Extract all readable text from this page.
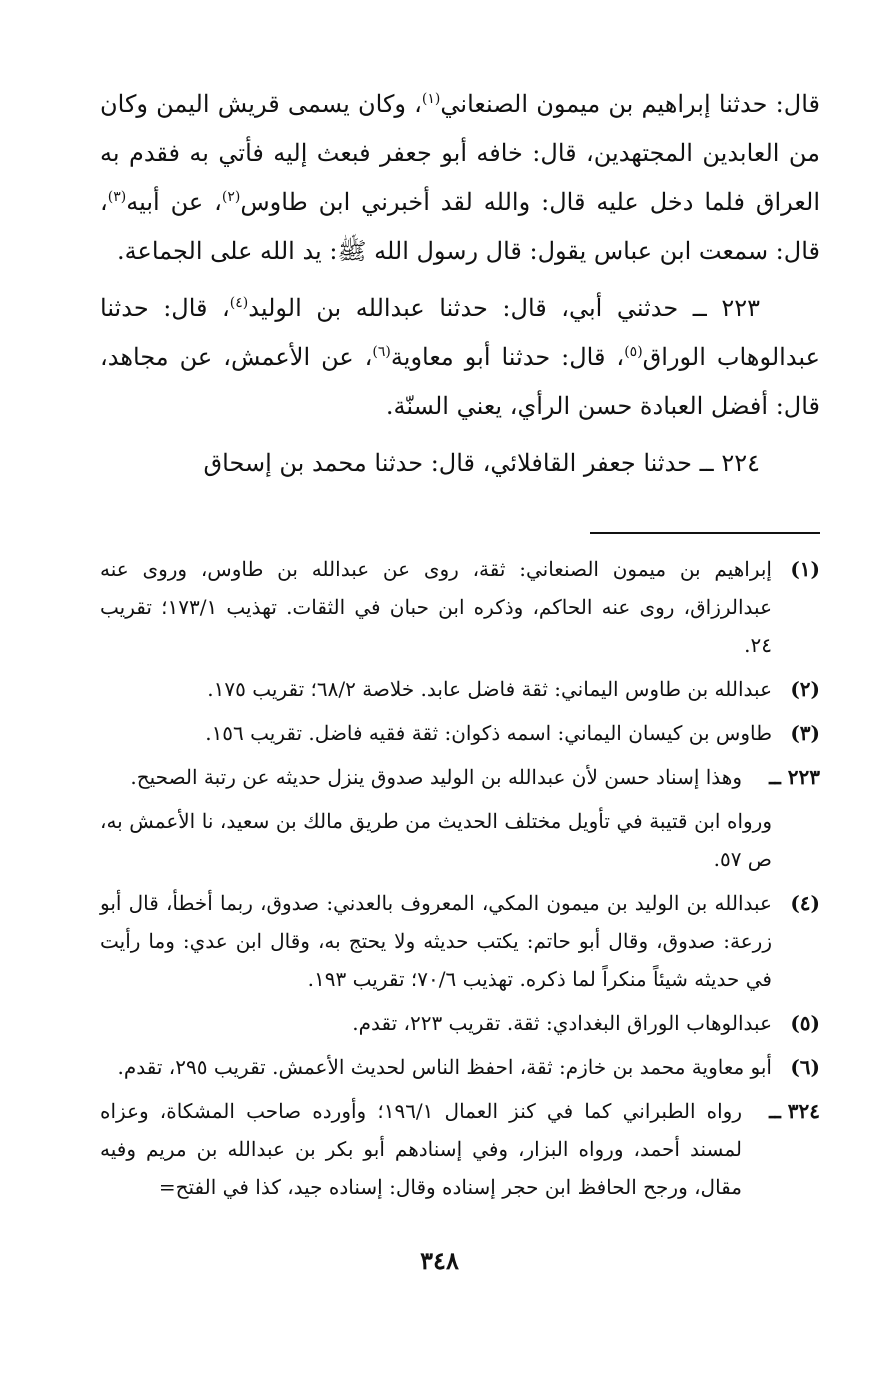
قال: حدثنا إبراهيم بن ميمون الصنعاني$^{(١)}$، وكان يسمى قريش اليمن وكان من العابدين المجتهدين، قال: خافه أبو جعفر فبعث إليه فأتي به فقدم به العراق فلما دخل عليه قال: والله لقد أخبرني ابن طاوس$^{(٢)}$، عن أبيه$^{(٣)}$، قال: سمعت ابن عباس يقول: قال رسول الله ﷺ: يد الله على الجماعة.

٢٢٣ ــ حدثني أبي، قال: حدثنا عبدالله بن الوليد$^{(٤)}$، قال: حدثنا عبدالوهاب الوراق$^{(٥)}$، قال: حدثنا أبو معاوية$^{(٦)}$، عن الأعمش، عن مجاهد، قال: أفضل العبادة حسن الرأي، يعني السنّة.

٢٢٤ ــ حدثنا جعفر القافلائي، قال: حدثنا محمد بن إسحاق

(١)
إبراهيم بن ميمون الصنعاني: ثقة، روى عن عبدالله بن طاوس، وروى عنه عبدالرزاق، روى عنه الحاكم، وذكره ابن حبان في الثقات. تهذيب ١٧٣/١؛ تقريب ٢٤.
(٢)
عبدالله بن طاوس اليماني: ثقة فاضل عابد. خلاصة ٦٨/٢؛ تقريب ١٧٥.
(٣)
طاوس بن كيسان اليماني: اسمه ذكوان: ثقة فقيه فاضل. تقريب ١٥٦.
٢٢٣ ــ
وهذا إسناد حسن لأن عبدالله بن الوليد صدوق ينزل حديثه عن رتبة الصحيح.
ورواه ابن قتيبة في تأويل مختلف الحديث من طريق مالك بن سعيد، نا الأعمش به، ص ٥٧.
(٤)
عبدالله بن الوليد بن ميمون المكي، المعروف بالعدني: صدوق، ربما أخطأ، قال أبو زرعة: صدوق، وقال أبو حاتم: يكتب حديثه ولا يحتج به، وقال ابن عدي: وما رأيت في حديثه شيئاً منكراً لما ذكره. تهذيب ٧٠/٦؛ تقريب ١٩٣.
(٥)
عبدالوهاب الوراق البغدادي: ثقة. تقريب ٢٢٣، تقدم.
(٦)
أبو معاوية محمد بن خازم: ثقة، احفظ الناس لحديث الأعمش. تقريب ٢٩٥، تقدم.
٣٢٤ ــ
رواه الطبراني كما في كنز العمال ١٩٦/١؛ وأورده صاحب المشكاة، وعزاه لمسند أحمد، ورواه البزار، وفي إسنادهم أبو بكر بن عبدالله بن مريم وفيه مقال، ورجح الحافظ ابن حجر إسناده وقال: إسناده جيد، كذا في الفتح=
٣٤٨
